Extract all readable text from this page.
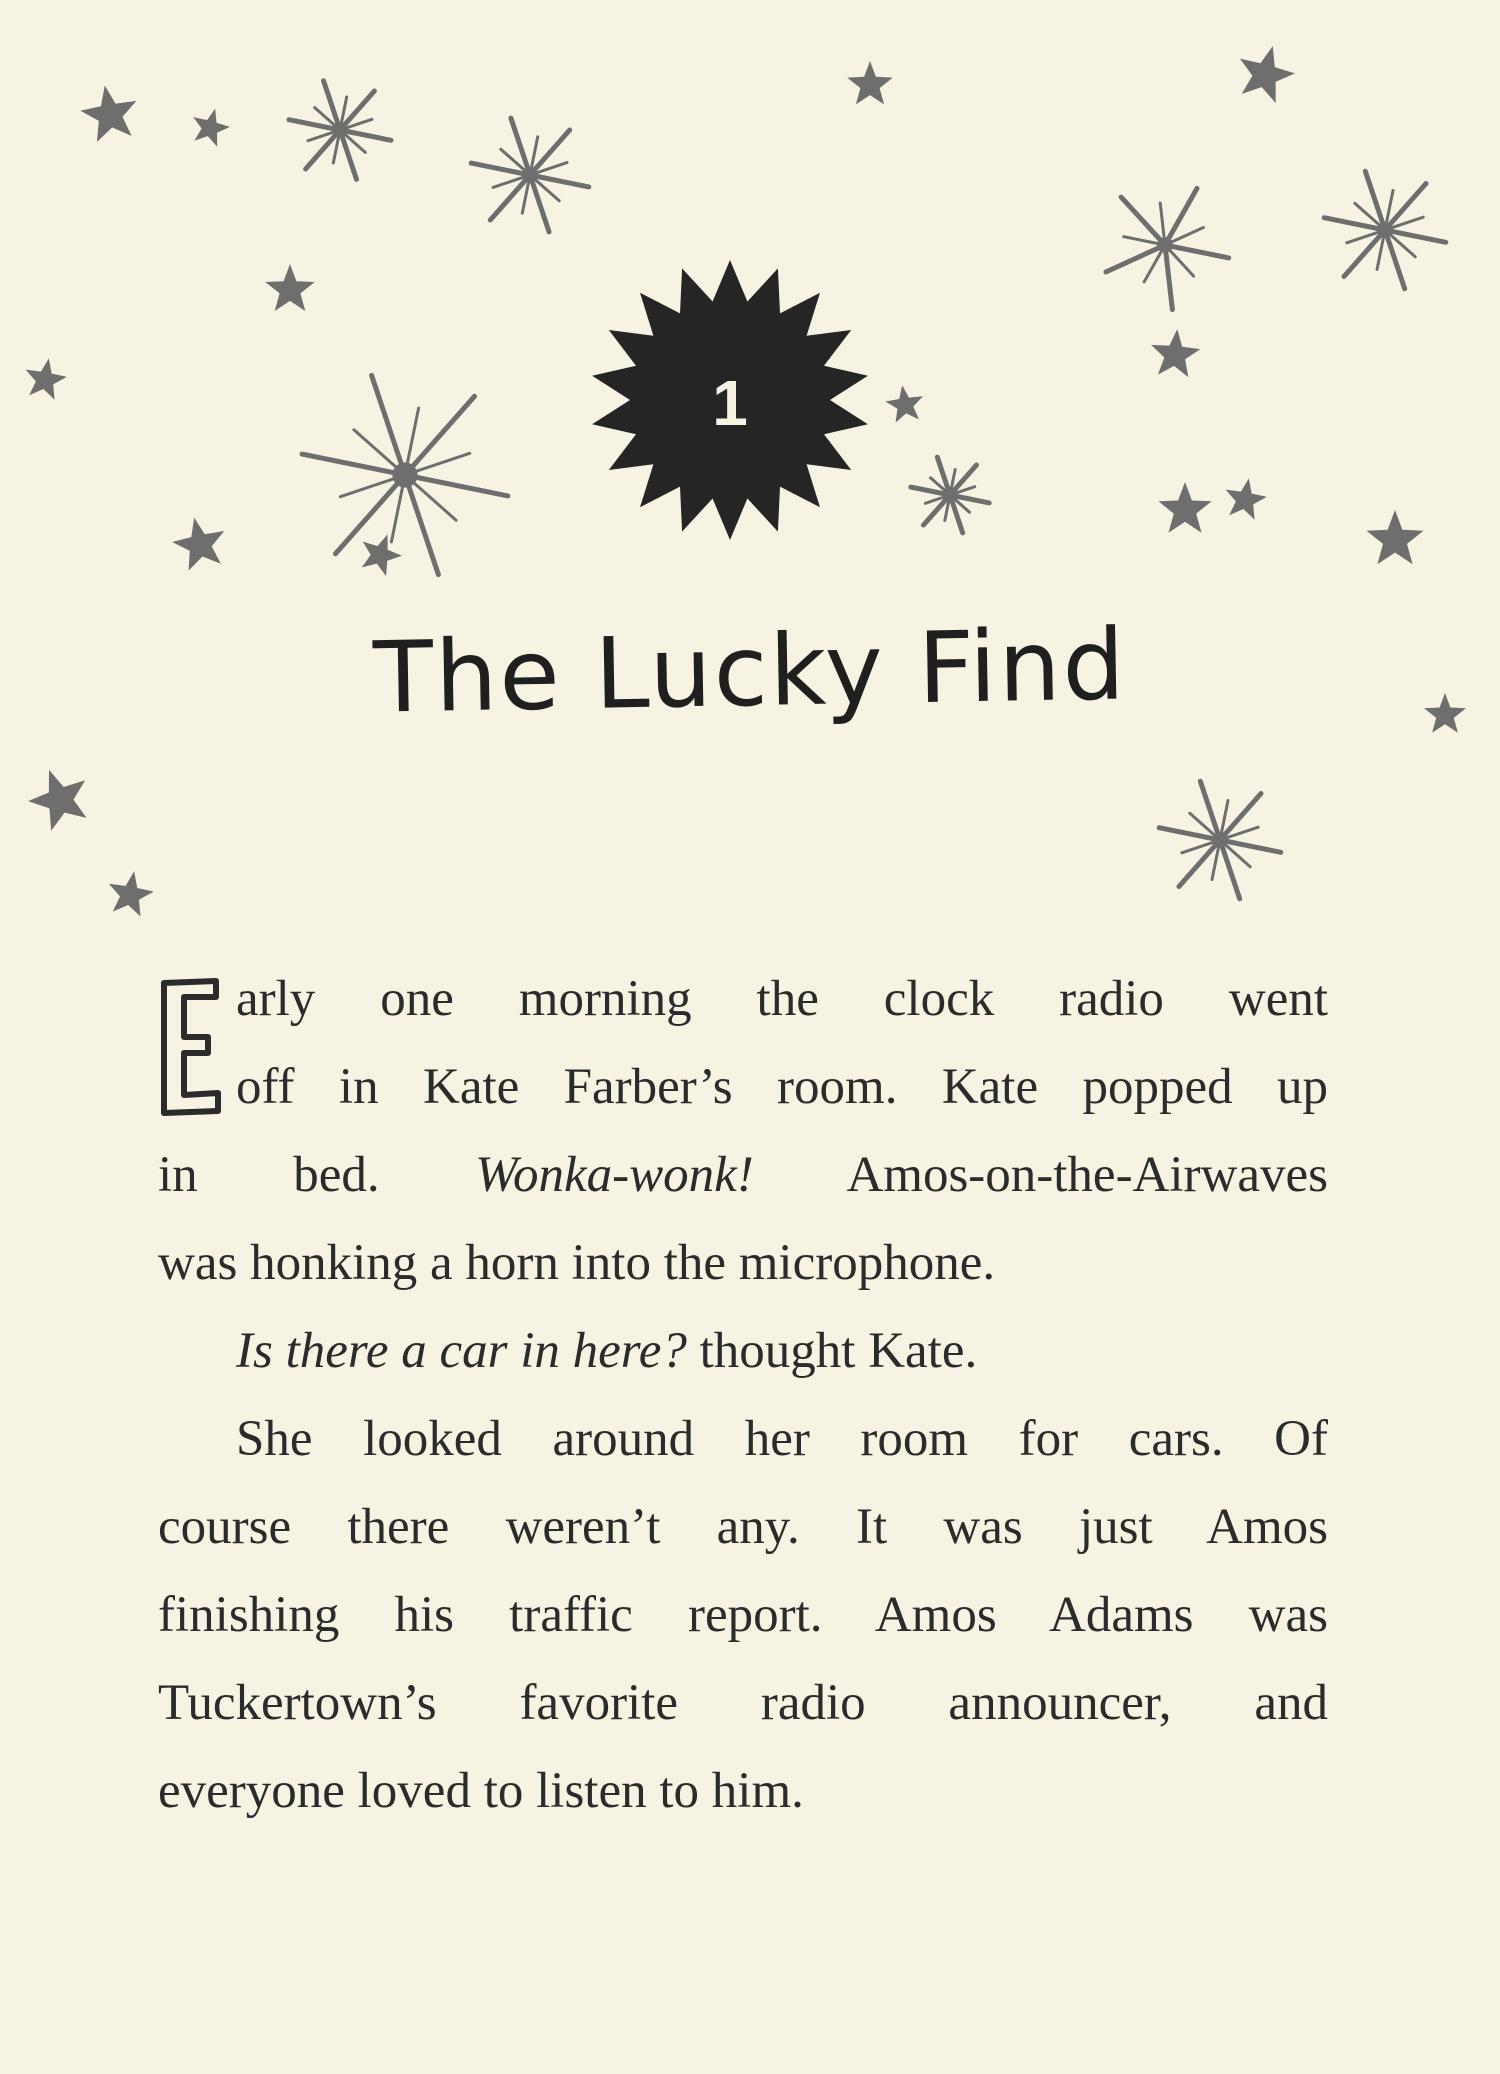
1
The Lucky Find
arly one morning the clock radio went
off in Kate Farber’s room. Kate popped up
in bed. Wonka-wonk! Amos-on-the-Airwaves
was honking a horn into the microphone.
Is there a car in here? thought Kate.
She looked around her room for cars. Of
course there weren’t any. It was just Amos
finishing his traffic report. Amos Adams was
Tuckertown’s favorite radio announcer, and
everyone loved to listen to him.
